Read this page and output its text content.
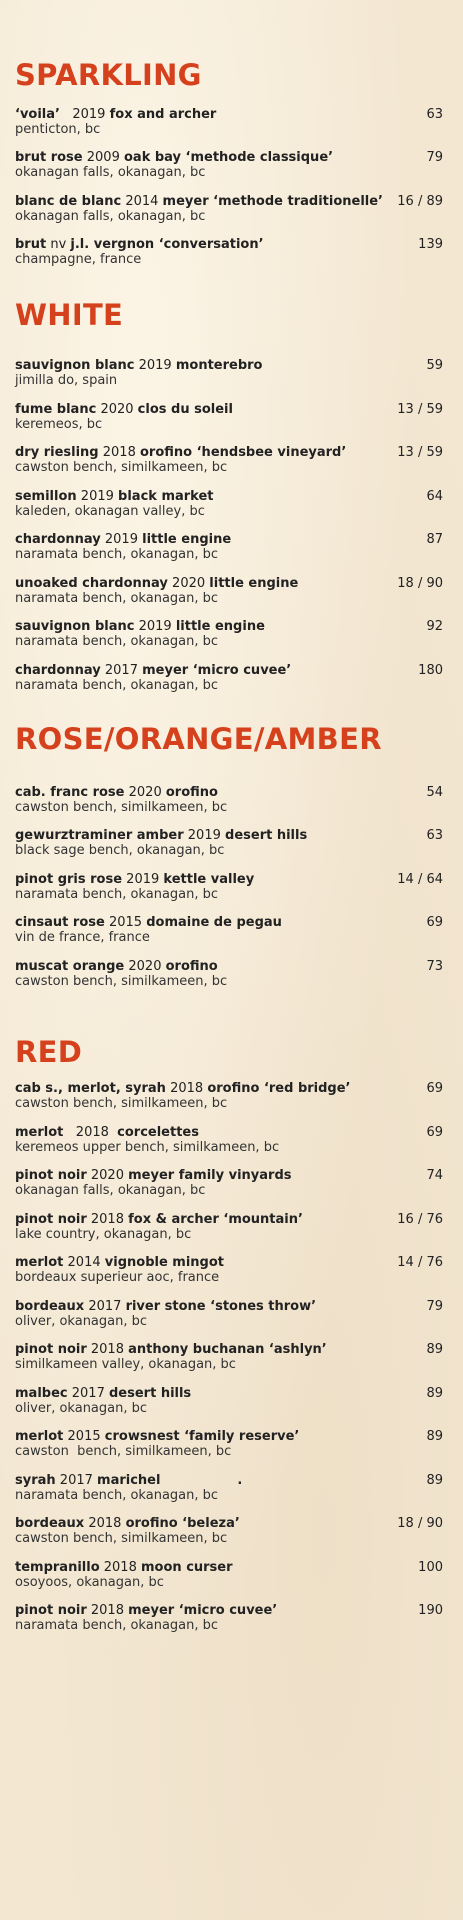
SPARKLING
‘voila’   2019 fox and archer
penticton, bc
63
brut rose 2009 oak bay ‘methode classique’
okanagan falls, okanagan, bc
79
blanc de blanc 2014 meyer ‘methode traditionelle’
okanagan falls, okanagan, bc
16 / 89
brut nv j.l. vergnon ‘conversation’
champagne, france
139
WHITE
sauvignon blanc 2019 monterebro
jimilla do, spain
59
fume blanc 2020 clos du soleil
keremeos, bc
13 / 59
dry riesling 2018 orofino ‘hendsbee vineyard’
cawston bench, similkameen, bc
13 / 59
semillon 2019 black market
kaleden, okanagan valley, bc
64
chardonnay 2019 little engine
naramata bench, okanagan, bc
87
unoaked chardonnay 2020 little engine
naramata bench, okanagan, bc
18 / 90
sauvignon blanc 2019 little engine
naramata bench, okanagan, bc
92
chardonnay 2017 meyer ‘micro cuvee’
naramata bench, okanagan, bc
180
ROSE/ORANGE/AMBER
cab. franc rose 2020 orofino
cawston bench, similkameen, bc
54
gewurztraminer amber 2019 desert hills
black sage bench, okanagan, bc
63
pinot gris rose 2019 kettle valley
naramata bench, okanagan, bc
14 / 64
cinsaut rose 2015 domaine de pegau
vin de france, france
69
muscat orange 2020 orofino
cawston bench, similkameen, bc
73
RED
cab s., merlot, syrah 2018 orofino ‘red bridge’
cawston bench, similkameen, bc
69
merlot   2018  corcelettes
keremeos upper bench, similkameen, bc
69
pinot noir 2020 meyer family vinyards
okanagan falls, okanagan, bc
74
pinot noir 2018 fox & archer ‘mountain’
lake country, okanagan, bc
16 / 76
merlot 2014 vignoble mingot
bordeaux superieur aoc, france
14 / 76
bordeaux 2017 river stone ‘stones throw’
oliver, okanagan, bc
79
pinot noir 2018 anthony buchanan ‘ashlyn’
similkameen valley, okanagan, bc
89
malbec 2017 desert hills
oliver, okanagan, bc
89
merlot 2015 crowsnest ‘family reserve’
cawston  bench, similkameen, bc
89
syrah 2017 marichel                 .
naramata bench, okanagan, bc
89
bordeaux 2018 orofino ‘beleza’
cawston bench, similkameen, bc
18 / 90
tempranillo 2018 moon curser
osoyoos, okanagan, bc
100
pinot noir 2018 meyer ‘micro cuvee’
naramata bench, okanagan, bc
190
